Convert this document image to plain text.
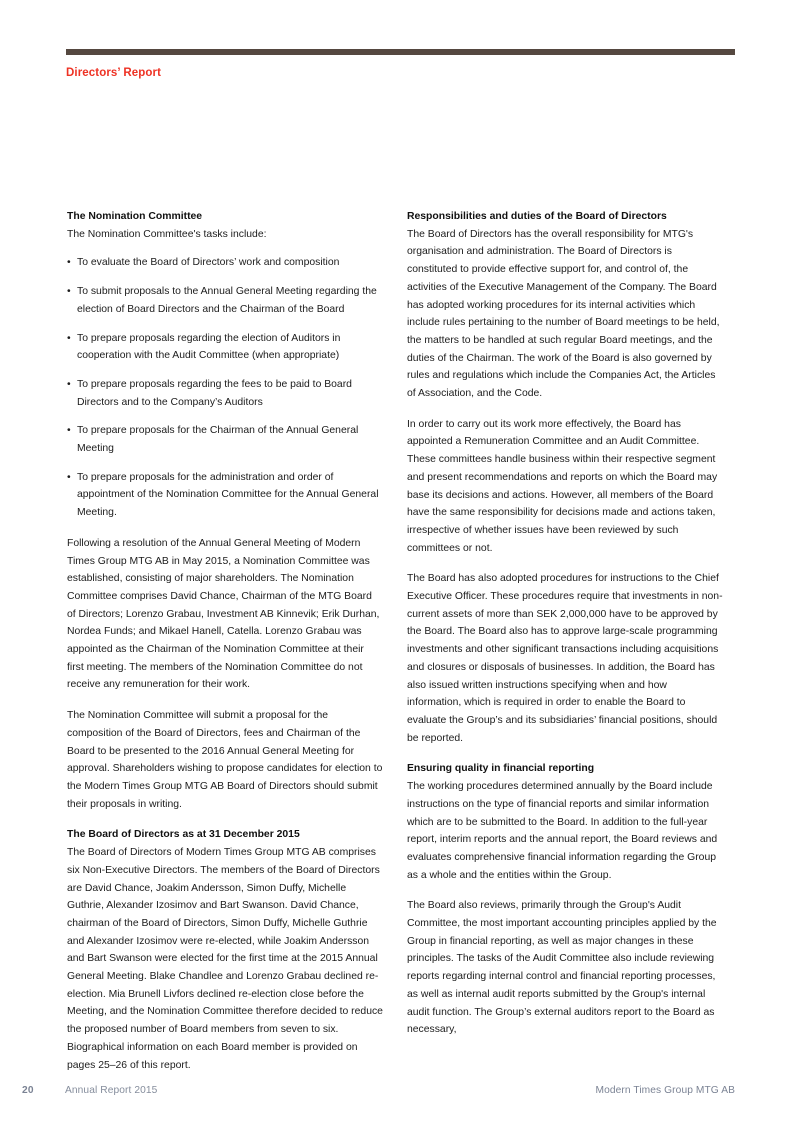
Directors’ Report
The Nomination Committee

The Nomination Committee's tasks include:

• To evaluate the Board of Directors’ work and composition
• To submit proposals to the Annual General Meeting regarding the election of Board Directors and the Chairman of the Board
• To prepare proposals regarding the election of Auditors in cooperation with the Audit Committee (when appropriate)
• To prepare proposals regarding the fees to be paid to Board Directors and to the Company’s Auditors
• To prepare proposals for the Chairman of the Annual General Meeting
• To prepare proposals for the administration and order of appointment of the Nomination Committee for the Annual General Meeting.

Following a resolution of the Annual General Meeting of Modern Times Group MTG AB in May 2015, a Nomination Committee was established, consisting of major shareholders. The Nomination Committee comprises David Chance, Chairman of the MTG Board of Directors; Lorenzo Grabau, Investment AB Kinnevik; Erik Durhan, Nordea Funds; and Mikael Hanell, Catella. Lorenzo Grabau was appointed as the Chairman of the Nomination Committee at their first meeting. The members of the Nomination Committee do not receive any remuneration for their work.

The Nomination Committee will submit a proposal for the composition of the Board of Directors, fees and Chairman of the Board to be presented to the 2016 Annual General Meeting for approval. Shareholders wishing to propose candidates for election to the Modern Times Group MTG AB Board of Directors should submit their proposals in writing.

The Board of Directors as at 31 December 2015

The Board of Directors of Modern Times Group MTG AB comprises six Non-Executive Directors. The members of the Board of Directors are David Chance, Joakim Andersson, Simon Duffy, Michelle Guthrie, Alexander Izosimov and Bart Swanson. David Chance, chairman of the Board of Directors, Simon Duffy, Michelle Guthrie and Alexander Izosimov were re-elected, while Joakim Andersson and Bart Swanson were elected for the first time at the 2015 Annual General Meeting. Blake Chandlee and Lorenzo Grabau declined re-election. Mia Brunell Livfors declined re-election close before the Meeting, and the Nomination Committee therefore decided to reduce the proposed number of Board members from seven to six. Biographical information on each Board member is provided on pages 25–26 of this report.

Responsibilities and duties of the Board of Directors

The Board of Directors has the overall responsibility for MTG's organisation and administration. The Board of Directors is constituted to provide effective support for, and control of, the activities of the Executive Management of the Company. The Board has adopted working procedures for its internal activities which include rules pertaining to the number of Board meetings to be held, the matters to be handled at such regular Board meetings, and the duties of the Chairman. The work of the Board is also governed by rules and regulations which include the Companies Act, the Articles of Association, and the Code.

In order to carry out its work more effectively, the Board has appointed a Remuneration Committee and an Audit Committee. These committees handle business within their respective segment and present recommendations and reports on which the Board may base its decisions and actions. However, all members of the Board have the same responsibility for decisions made and actions taken, irrespective of whether issues have been reviewed by such committees or not.

The Board has also adopted procedures for instructions to the Chief Executive Officer. These procedures require that investments in non-current assets of more than SEK 2,000,000 have to be approved by the Board. The Board also has to approve large-scale programming investments and other significant transactions including acquisitions and closures or disposals of businesses. In addition, the Board has also issued written instructions specifying when and how information, which is required in order to enable the Board to evaluate the Group’s and its subsidiaries’ financial positions, should be reported.

Ensuring quality in financial reporting

The working procedures determined annually by the Board include instructions on the type of financial reports and similar information which are to be submitted to the Board. In addition to the full-year report, interim reports and the annual report, the Board reviews and evaluates comprehensive financial information regarding the Group as a whole and the entities within the Group.

The Board also reviews, primarily through the Group's Audit Committee, the most important accounting principles applied by the Group in financial reporting, as well as major changes in these principles. The tasks of the Audit Committee also include reviewing reports regarding internal control and financial reporting processes, as well as internal audit reports submitted by the Group's internal audit function. The Group’s external auditors report to the Board as necessary,

20	Annual Report 2015	Modern Times Group MTG AB
